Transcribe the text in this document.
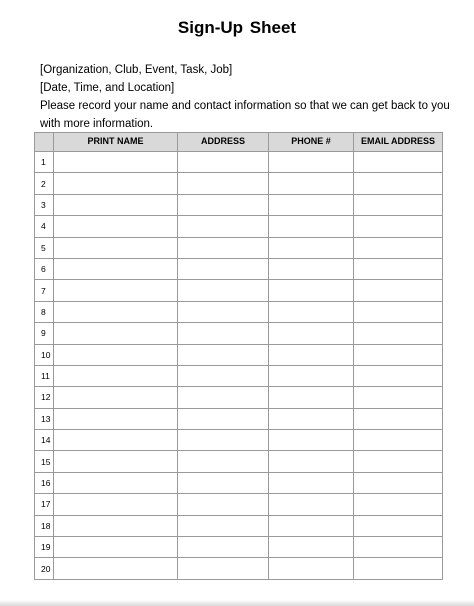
Sign-Up Sheet
[Organization, Club, Event, Task, Job]
[Date, Time, and Location]
Please record your name and contact information so that we can get back to you
with more information.
	PRINT NAME	ADDRESS	PHONE #	EMAIL ADDRESS
1				
2				
3				
4				
5				
6				
7				
8				
9				
10				
11				
12				
13				
14				
15				
16				
17				
18				
19				
20				
